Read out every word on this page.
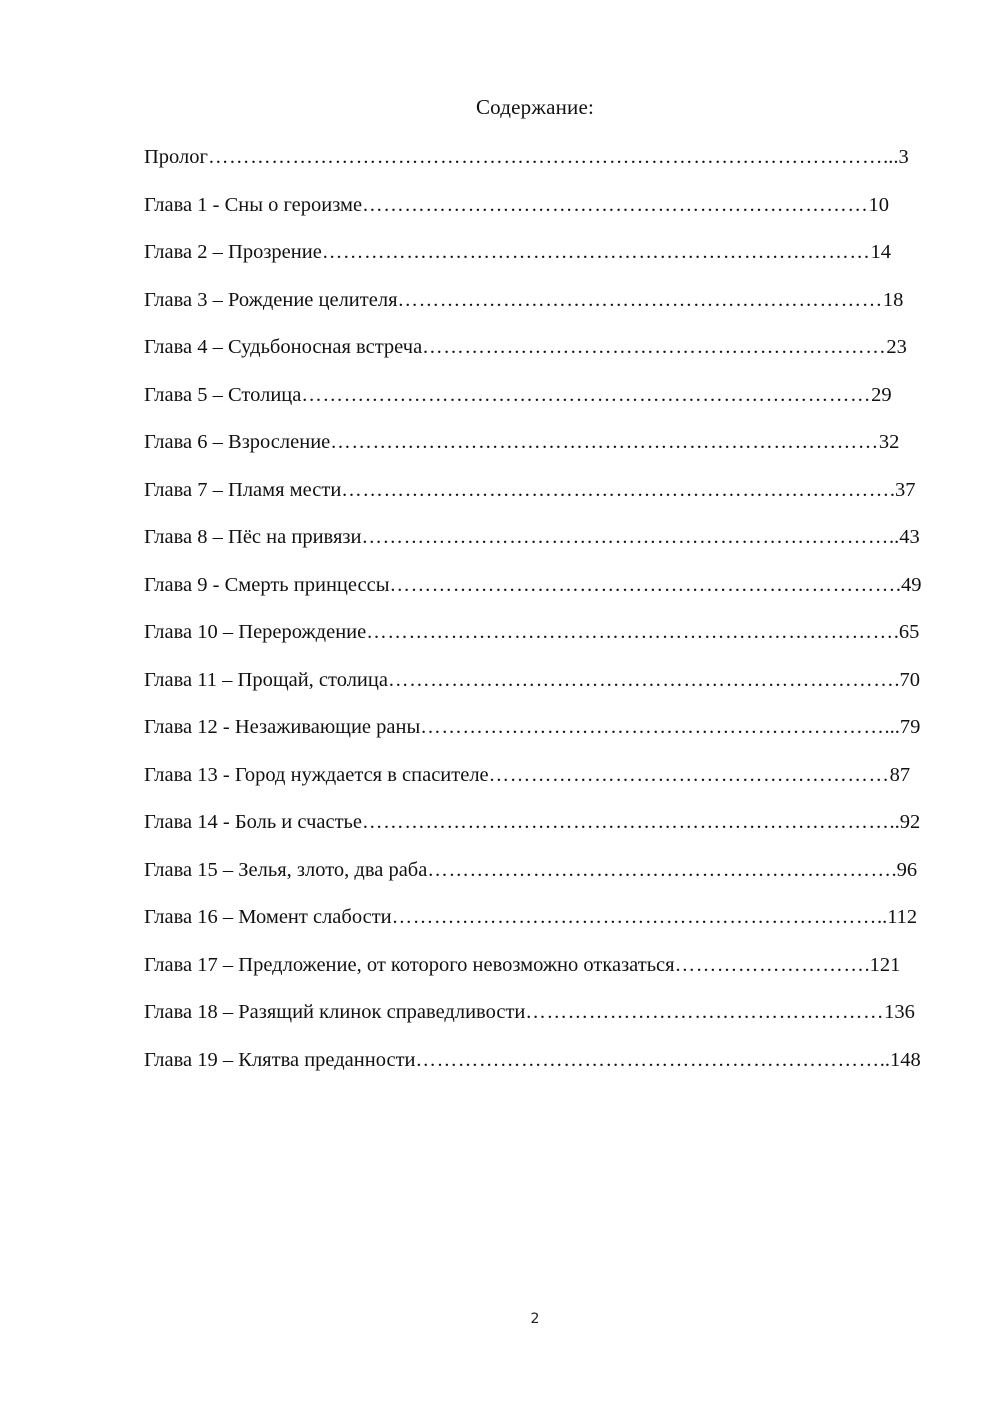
Содержание:
Пролог……………………………………………………………………………………...3
Глава 1 - Сны о героизме………………………………………………………………10
Глава 2 – Прозрение……………………………………………………………………14
Глава 3 – Рождение целителя……………………………………………………………18
Глава 4 – Судьбоносная встреча…………………………………………………………23
Глава 5 – Столица………………………………………………………………………29
Глава 6 – Взросление……………………………………………………………………32
Глава 7 – Пламя мести…………………………………………………………………….37
Глава 8 – Пёс на привязи…………………………………………………………………..43
Глава 9 - Смерть принцессы……………………………………………………………….49
Глава 10 – Перерождение………………………………………………………………….65
Глава 11 – Прощай, столица……………………………………………………………….70
Глава 12 - Незаживающие раны…………………………………………………………...79
Глава 13 - Город нуждается в спасителе…………………………………………………87
Глава 14 - Боль и счастье…………………………………………………………………..92
Глава 15 – Зелья, злото, два раба………………………………………………………….96
Глава 16 – Момент слабости……………………………………………………………..112
Глава 17 – Предложение, от которого невозможно отказаться……………………….121
Глава 18 – Разящий клинок справедливости……………………………………………136
Глава 19 – Клятва преданности…………………………………………………………..148
2
